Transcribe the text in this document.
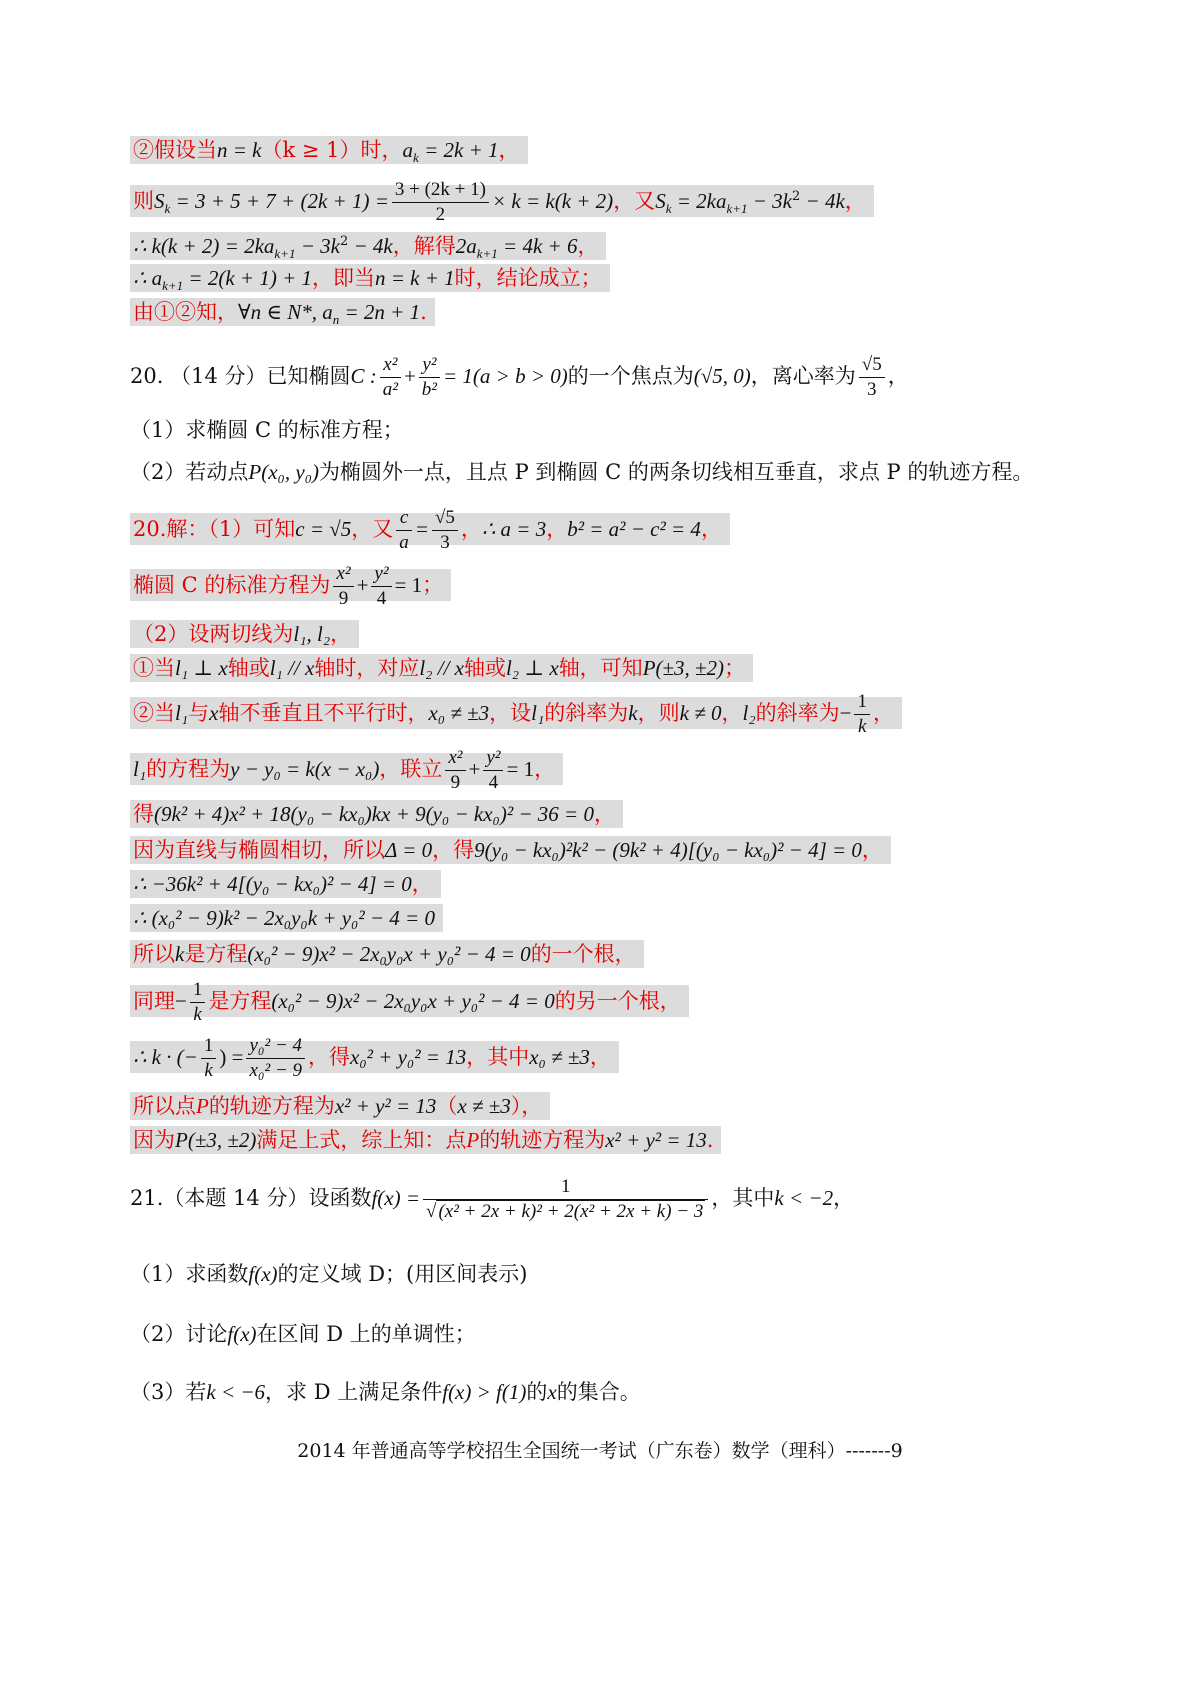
②假设当n = k（k ≥ 1）时，$a_k = 2k + 1$，
则$S_k = 3 + 5 + 7 + (2k + 1) = \frac{3 + (2k + 1)}{2} \times k = k(k + 2)$，又$S_k = 2ka_{k+1} - 3k^2 - 4k$，
∴ $k(k + 2) = 2ka_{k+1} - 3k^2 - 4k$，解得$2a_{k+1} = 4k + 6$，
∴ $a_{k+1} = 2(k + 1) + 1$，即当n = k + 1时，结论成立；
由①②知，∀n ∈ N*, $a_n = 2n + 1$.
20. （14 分）已知椭圆C : $\frac{\text{x²}}{\text{a²}} + \frac{\text{y²}}{\text{b²}} = 1(a > b > 0)$的一个焦点为(√5, 0)，离心率为 $\frac{√5}{3}$ ，
（1）求椭圆 C 的标准方程；
（2）若动点P(x₀, y₀)为椭圆外一点，且点 P 到椭圆 C 的两条切线相互垂直，求点 P 的轨迹方程。
20.解：（1）可知c = √5，又 $\frac{c}{a} = \frac{√5}{3}$ ，∴ a = 3，b² = a² − c² = 4，
椭圆 C 的标准方程为 $\frac{\text{x²}}{9} + \frac{\text{y²}}{4} = 1$；
（2）设两切线为l₁, l₂，
①当l₁ ⊥ x轴或l₁ // x轴时，对应l₂ // x轴或l₂ ⊥ x轴，可知P(±3, ±2)；
②当l₁与x轴不垂直且不平行时，x₀ ≠ ±3，设l₁的斜率为k，则k ≠ 0，l₂的斜率为− $\frac{1}{k}$ ，
l₁的方程为y − y₀ = k(x − x₀)，联立 $\frac{\text{x²}}{9} + \frac{\text{y²}}{4} = 1$，
得(9k² + 4)x² + 18(y₀ − kx₀)kx + 9(y₀ − kx₀)² − 36 = 0，
因为直线与椭圆相切，所以Δ = 0，得9(y₀ − kx₀)²k² − (9k² + 4)[(y₀ − kx₀)² − 4] = 0，
∴ −36k² + 4[(y₀ − kx₀)² − 4] = 0，
∴ (x₀² − 9)k² − 2x₀y₀k + y₀² − 4 = 0
所以k是方程(x₀² − 9)x² − 2x₀y₀x + y₀² − 4 = 0的一个根，
同理− $\frac{1}{k}$ 是方程(x₀² − 9)x² − 2x₀y₀x + y₀² − 4 = 0的另一个根，
∴ k · (− $\frac{1}{k}$ ) = $\frac{\text{y₀² − 4}}{\text{x₀² − 9}}$ ，得x₀² + y₀² = 13，其中x₀ ≠ ±3，
所以点P的轨迹方程为x² + y² = 13（x ≠ ±3），
因为P(±3, ±2)满足上式，综上知：点P的轨迹方程为x² + y² = 13.
21.（本题 14 分）设函数$f(x) = \frac{1}{\text{√ (x² + 2x + k)² + 2(x² + 2x + k) − 3}}$ ，其中k < −2，
（1）求函数f(x)的定义域 D；(用区间表示)
（2）讨论f(x)在区间 D 上的单调性；
（3）若k < −6，求 D 上满足条件f(x) > f(1)的x的集合。
2014 年普通高等学校招生全国统一考试（广东卷）数学（理科）-------9
